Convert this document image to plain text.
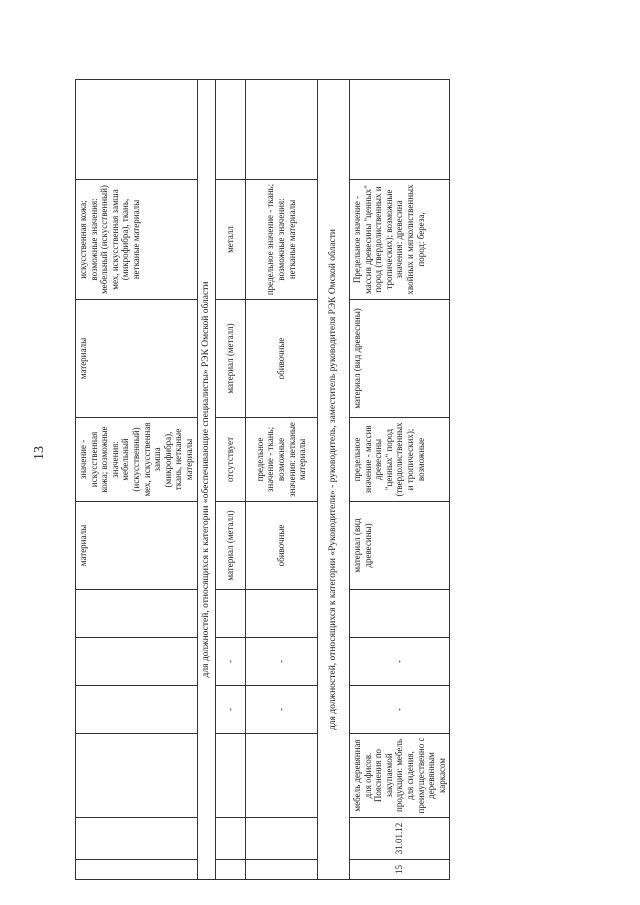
13
						материалы	значение - искусственная кожа; возможные значения: мебельный (искусственный) мех, искусственная замша (микрофибра), ткань, нетканые материалы	материалы	искусственная кожа; возможные значения: мебельный (искусственный) мех, искусственная замша (микрофибра), ткань, нетканые материалы	
для должностей, относящихся к категории «обеспечивающие специалисты» РЭК Омской области										
			-	-		материал (металл)	отсутствует	материал (металл)	металл	
			-	-		обивочные	предельное значение - ткань; возможные значения: нетканые материалы	обивочные	предельное значение - ткань; возможные значения: нетканые материалы	
для должностей, относящихся к категории «Руководители» - руководитель, заместитель руководителя РЭК Омской области										
15	31.01.12	мебель деревянная для офисов. Пояснения по закупаемой продукции: мебель для сидения, преимущественно с деревянным каркасом	-	-		материал (вид древесины)	предельное значение - массив древесины "ценных" пород (твердолиственных и тропических); возможные	материал (вид древесины)	Предельное значение - массив древесины "ценных" пород (твердолиственных и тропических); возможные значения: древесина хвойных и мягколиственных пород: береза,	
